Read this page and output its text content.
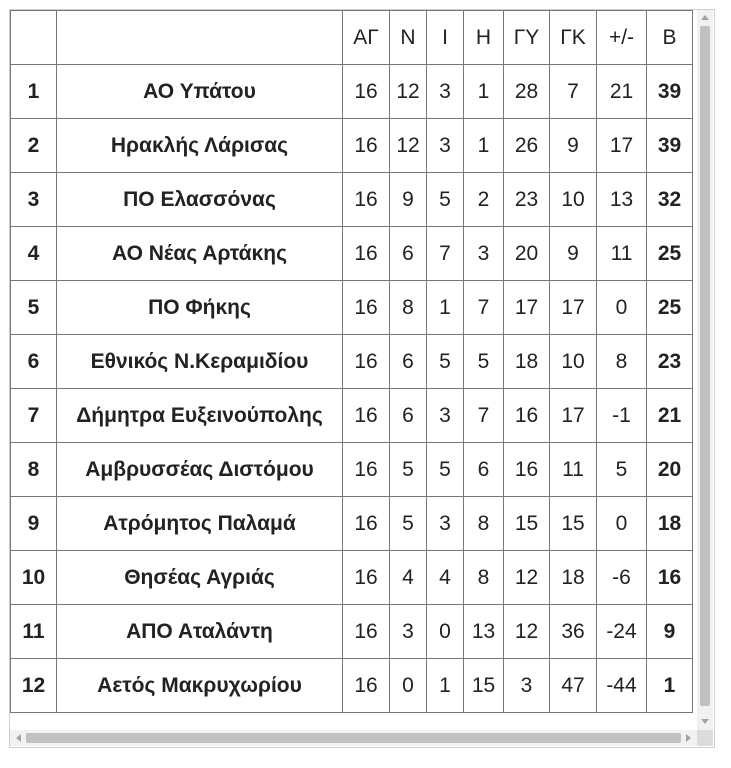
		ΑΓ	Ν	Ι	Η	ΓΥ	ΓΚ	+/-	Β
1	ΑΟ Υπάτου	16	12	3	1	28	7	21	39
2	Ηρακλής Λάρισας	16	12	3	1	26	9	17	39
3	ΠΟ Ελασσόνας	16	9	5	2	23	10	13	32
4	ΑΟ Νέας Αρτάκης	16	6	7	3	20	9	11	25
5	ΠΟ Φήκης	16	8	1	7	17	17	0	25
6	Εθνικός Ν.Κεραμιδίου	16	6	5	5	18	10	8	23
7	Δήμητρα Ευξεινούπολης	16	6	3	7	16	17	-1	21
8	Αμβρυσσέας Διστόμου	16	5	5	6	16	11	5	20
9	Ατρόμητος Παλαμά	16	5	3	8	15	15	0	18
10	Θησέας Αγριάς	16	4	4	8	12	18	-6	16
11	ΑΠΟ Αταλάντη	16	3	0	13	12	36	-24	9
12	Αετός Μακρυχωρίου	16	0	1	15	3	47	-44	1
